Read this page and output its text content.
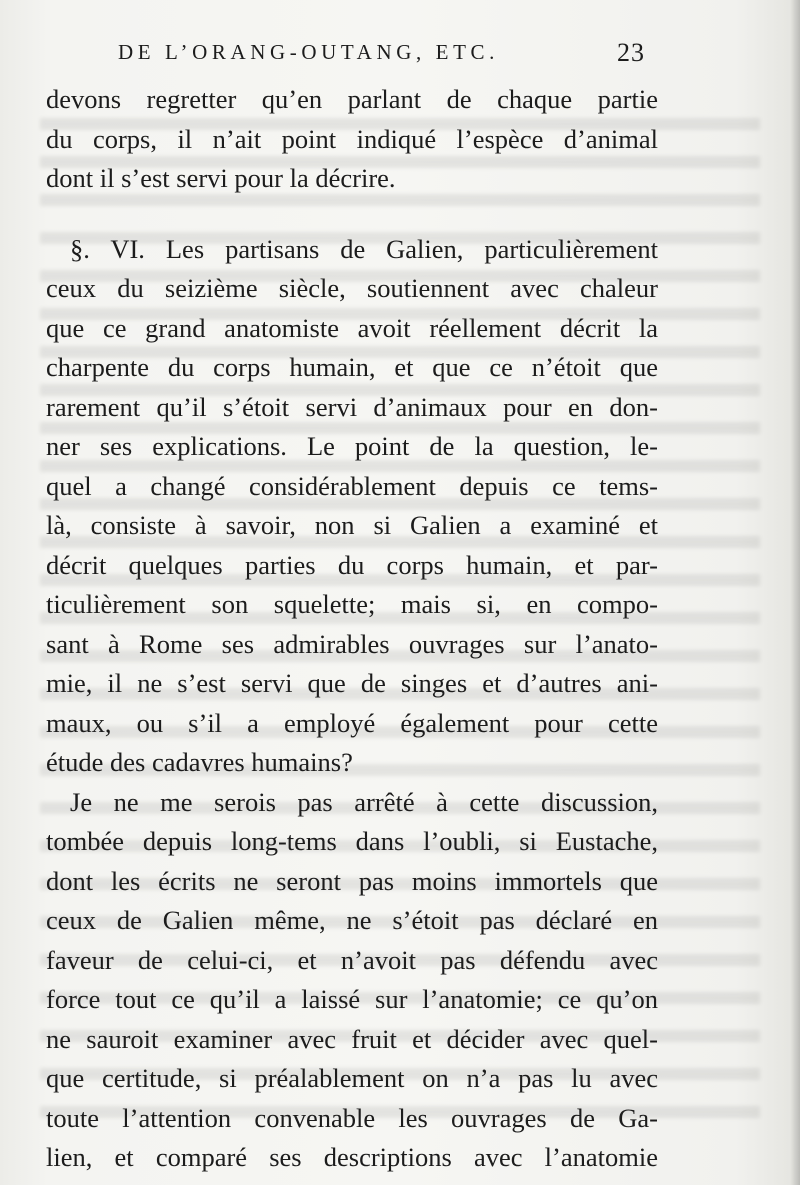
DE L’ORANG-OUTANG, ETC.	23
devons regretter qu’en parlant de chaque partie
du corps, il n’ait point indiqué l’espèce d’animal
dont il s’est servi pour la décrire.
§. VI. Les partisans de Galien, particulièrement
ceux du seizième siècle, soutiennent avec chaleur
que ce grand anatomiste avoit réellement décrit la
charpente du corps humain, et que ce n’étoit que
rarement qu’il s’étoit servi d’animaux pour en don-
ner ses explications. Le point de la question, le-
quel a changé considérablement depuis ce tems-
là, consiste à savoir, non si Galien a examiné et
décrit quelques parties du corps humain, et par-
ticulièrement son squelette; mais si, en compo-
sant à Rome ses admirables ouvrages sur l’anato-
mie, il ne s’est servi que de singes et d’autres ani-
maux, ou s’il a employé également pour cette
étude des cadavres humains?
Je ne me serois pas arrêté à cette discussion,
tombée depuis long-tems dans l’oubli, si Eustache,
dont les écrits ne seront pas moins immortels que
ceux de Galien même, ne s’étoit pas déclaré en
faveur de celui-ci, et n’avoit pas défendu avec
force tout ce qu’il a laissé sur l’anatomie; ce qu’on
ne sauroit examiner avec fruit et décider avec quel-
que certitude, si préalablement on n’a pas lu avec
toute l’attention convenable les ouvrages de Ga-
lien, et comparé ses descriptions avec l’anatomie
